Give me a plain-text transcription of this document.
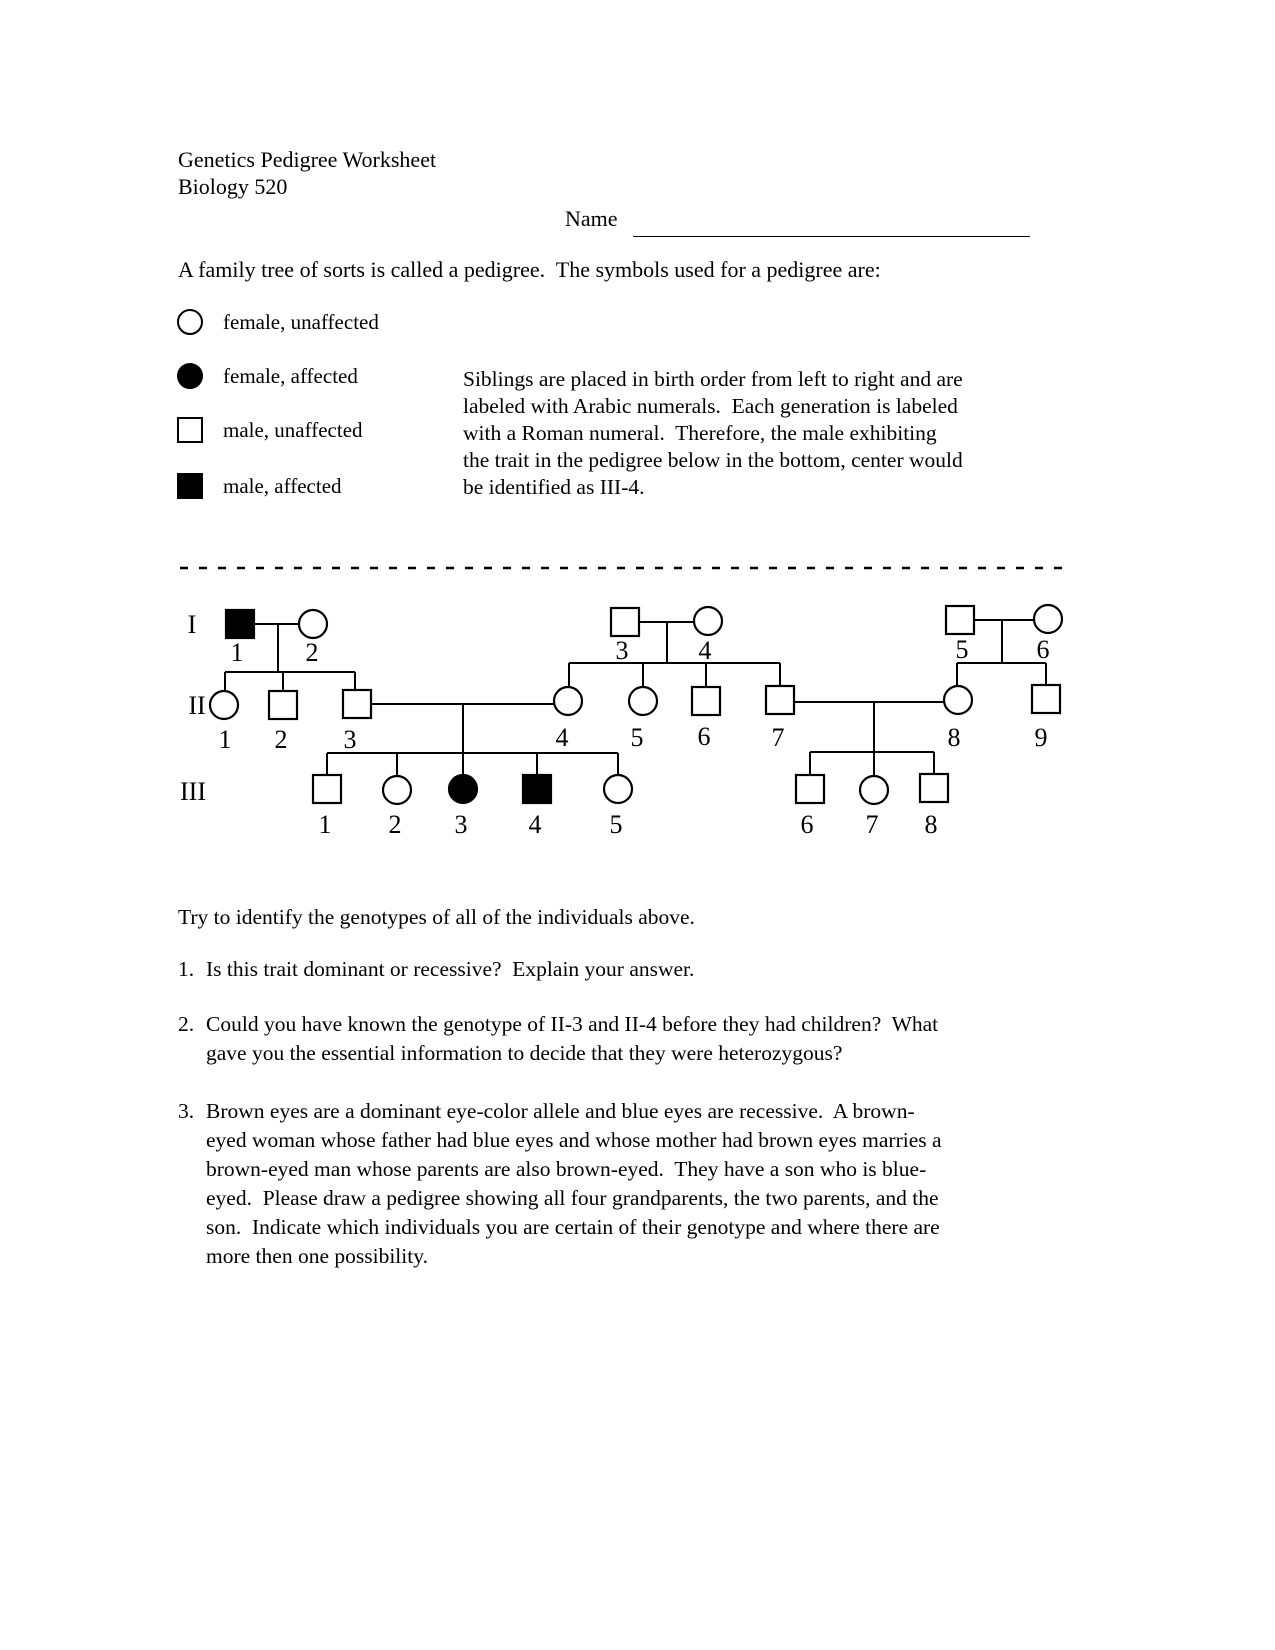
Genetics Pedigree Worksheet
Biology 520
Name
A family tree of sorts is called a pedigree.  The symbols used for a pedigree are:
female, unaffected
female, affected
male, unaffected
male, affected
Siblings are placed in birth order from left to right and are
labeled with Arabic numerals.  Each generation is labeled
with a Roman numeral.  Therefore, the male exhibiting
the trait in the pedigree below in the bottom, center would
be identified as III-4.
I
II
III
1 2	3	4	5	6
1 2 3	4 5 6 7	8	9
1 2 3 4	5	6 7 8
Try to identify the genotypes of all of the individuals above.
1. Is this trait dominant or recessive?  Explain your answer.
2. Could you have known the genotype of II-3 and II-4 before they had children?  What
gave you the essential information to decide that they were heterozygous?
3. Brown eyes are a dominant eye-color allele and blue eyes are recessive.  A brown-
eyed woman whose father had blue eyes and whose mother had brown eyes marries a
brown-eyed man whose parents are also brown-eyed.  They have a son who is blue-
eyed.  Please draw a pedigree showing all four grandparents, the two parents, and the
son.  Indicate which individuals you are certain of their genotype and where there are
more then one possibility.
